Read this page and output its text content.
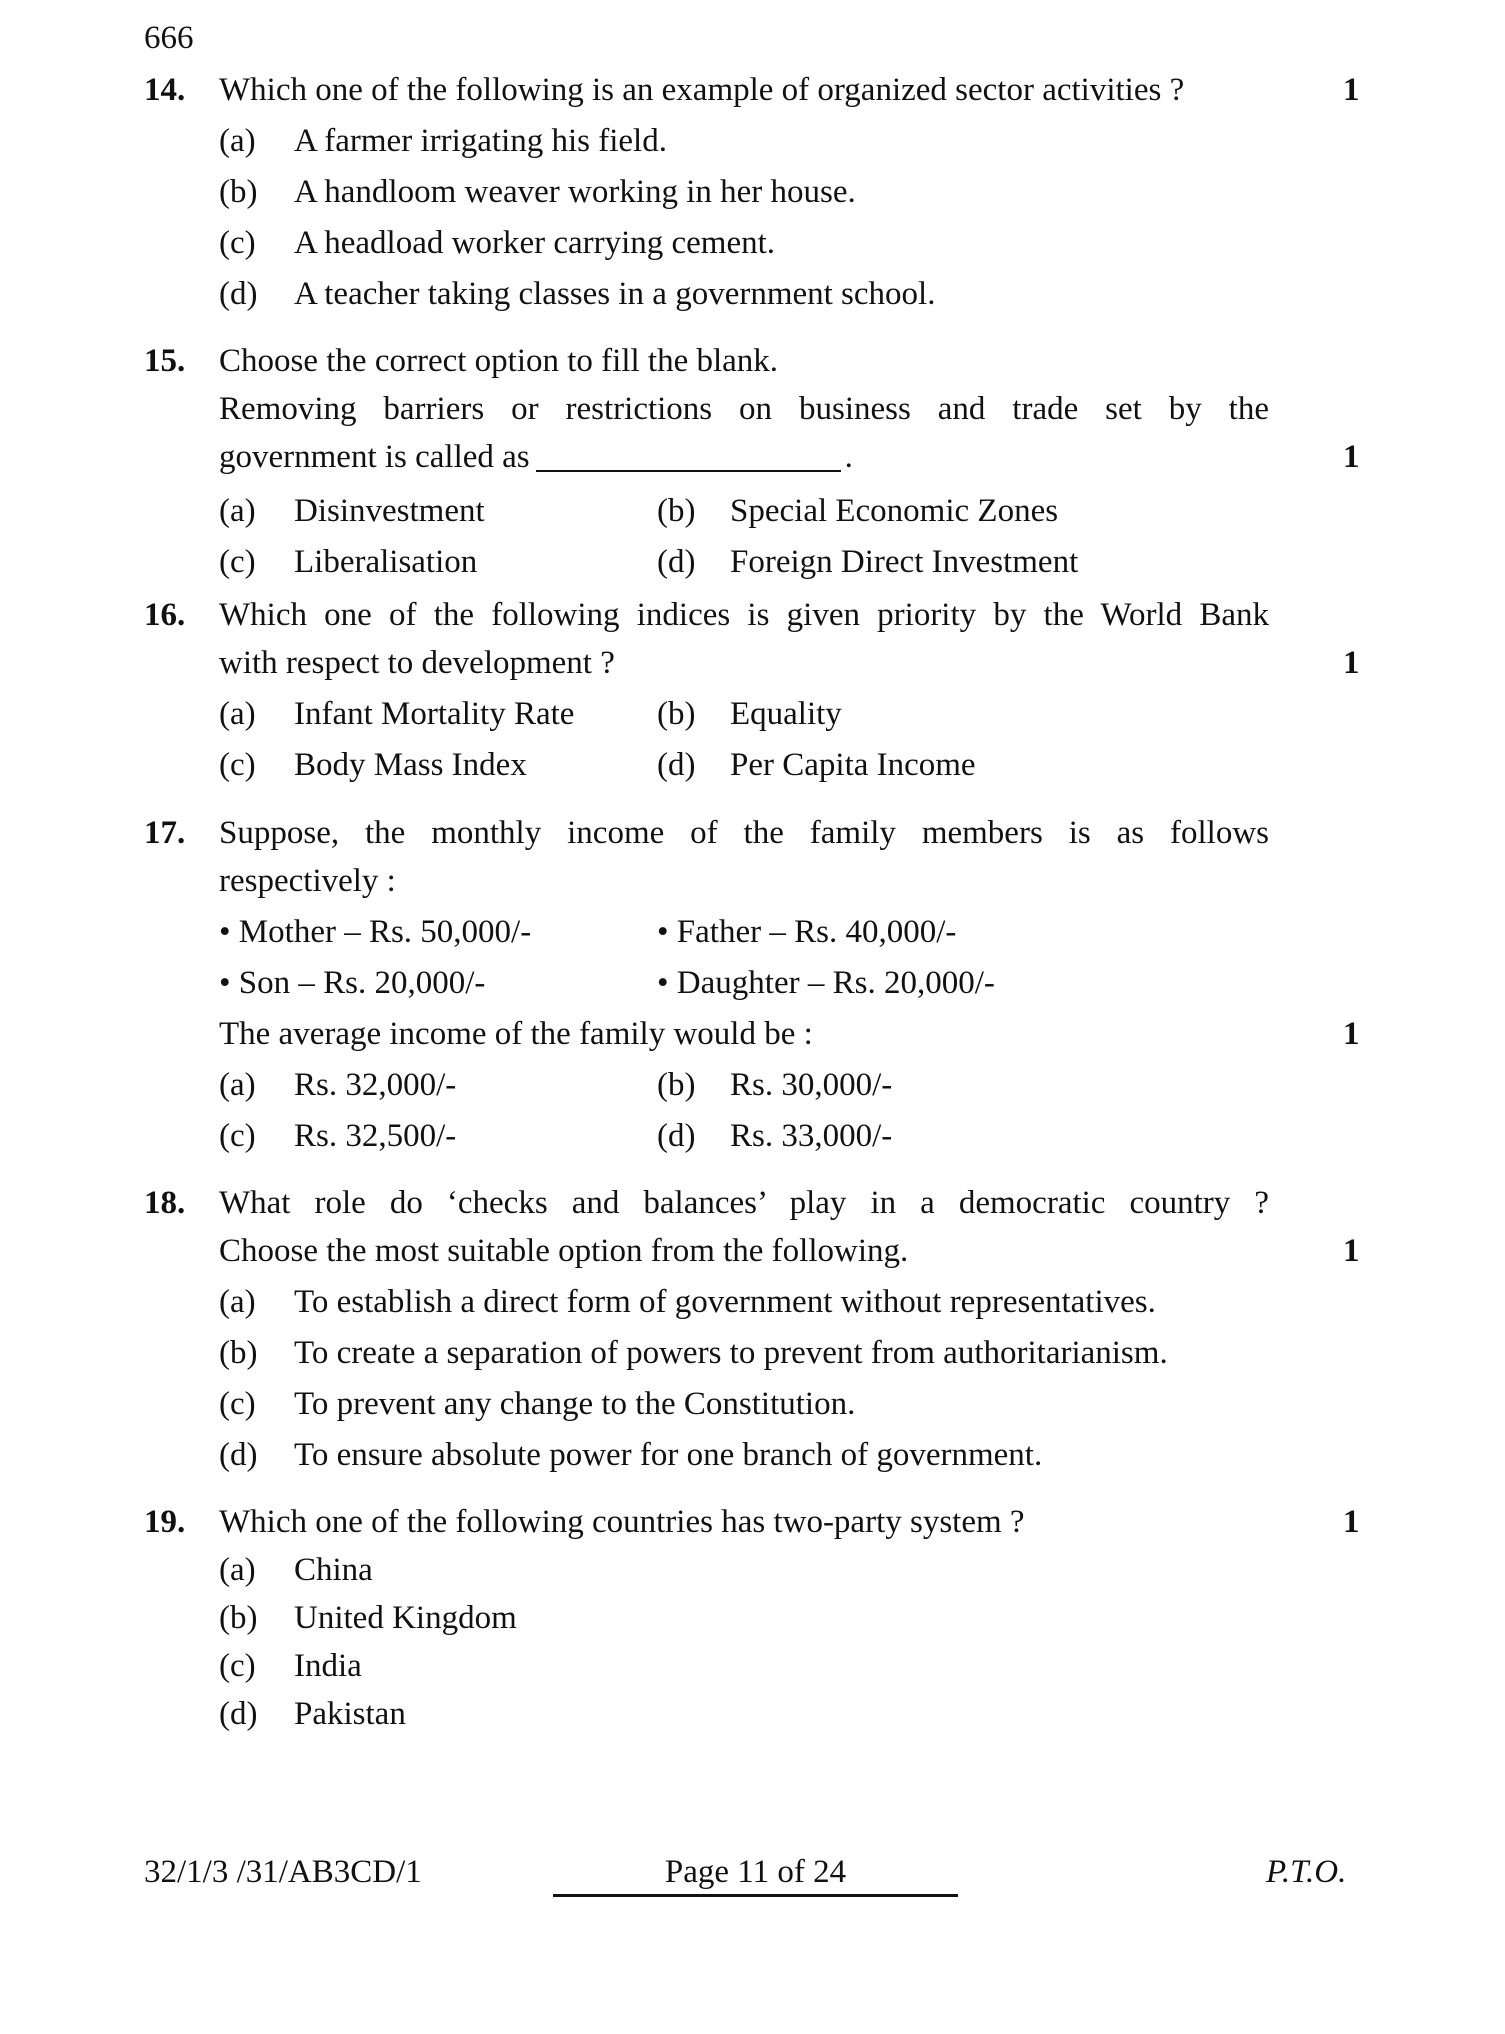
666
14. Which one of the following is an example of organized sector activities ?	1
(a) A farmer irrigating his field.
(b) A handloom weaver working in her house.
(c) A headload worker carrying cement.
(d) A teacher taking classes in a government school.
15. Choose the correct option to fill the blank.
Removing barriers or restrictions on business and trade set by the
government is called as	.	1
(a) Disinvestment	(b) Special Economic Zones
(c) Liberalisation	(d) Foreign Direct Investment
16. Which one of the following indices is given priority by the World Bank
with respect to development ?	1
(a) Infant Mortality Rate	(b) Equality
(c) Body Mass Index	(d) Per Capita Income
17. Suppose, the monthly income of the family members is as follows
respectively :
• Mother – Rs. 50,000/-	• Father – Rs. 40,000/-
• Son – Rs. 20,000/-	• Daughter – Rs. 20,000/-
The average income of the family would be :	1
(a) Rs. 32,000/-	(b) Rs. 30,000/-
(c) Rs. 32,500/-	(d) Rs. 33,000/-
18. What role do ‘checks and balances’ play in a democratic country ?
Choose the most suitable option from the following.	1
(a) To establish a direct form of government without representatives.
(b) To create a separation of powers to prevent from authoritarianism.
(c) To prevent any change to the Constitution.
(d) To ensure absolute power for one branch of government.
19. Which one of the following countries has two-party system ?	1
(a) China
(b) United Kingdom
(c) India
(d) Pakistan
32/1/3 /31/AB3CD/1	Page 11 of 24	P.T.O.
